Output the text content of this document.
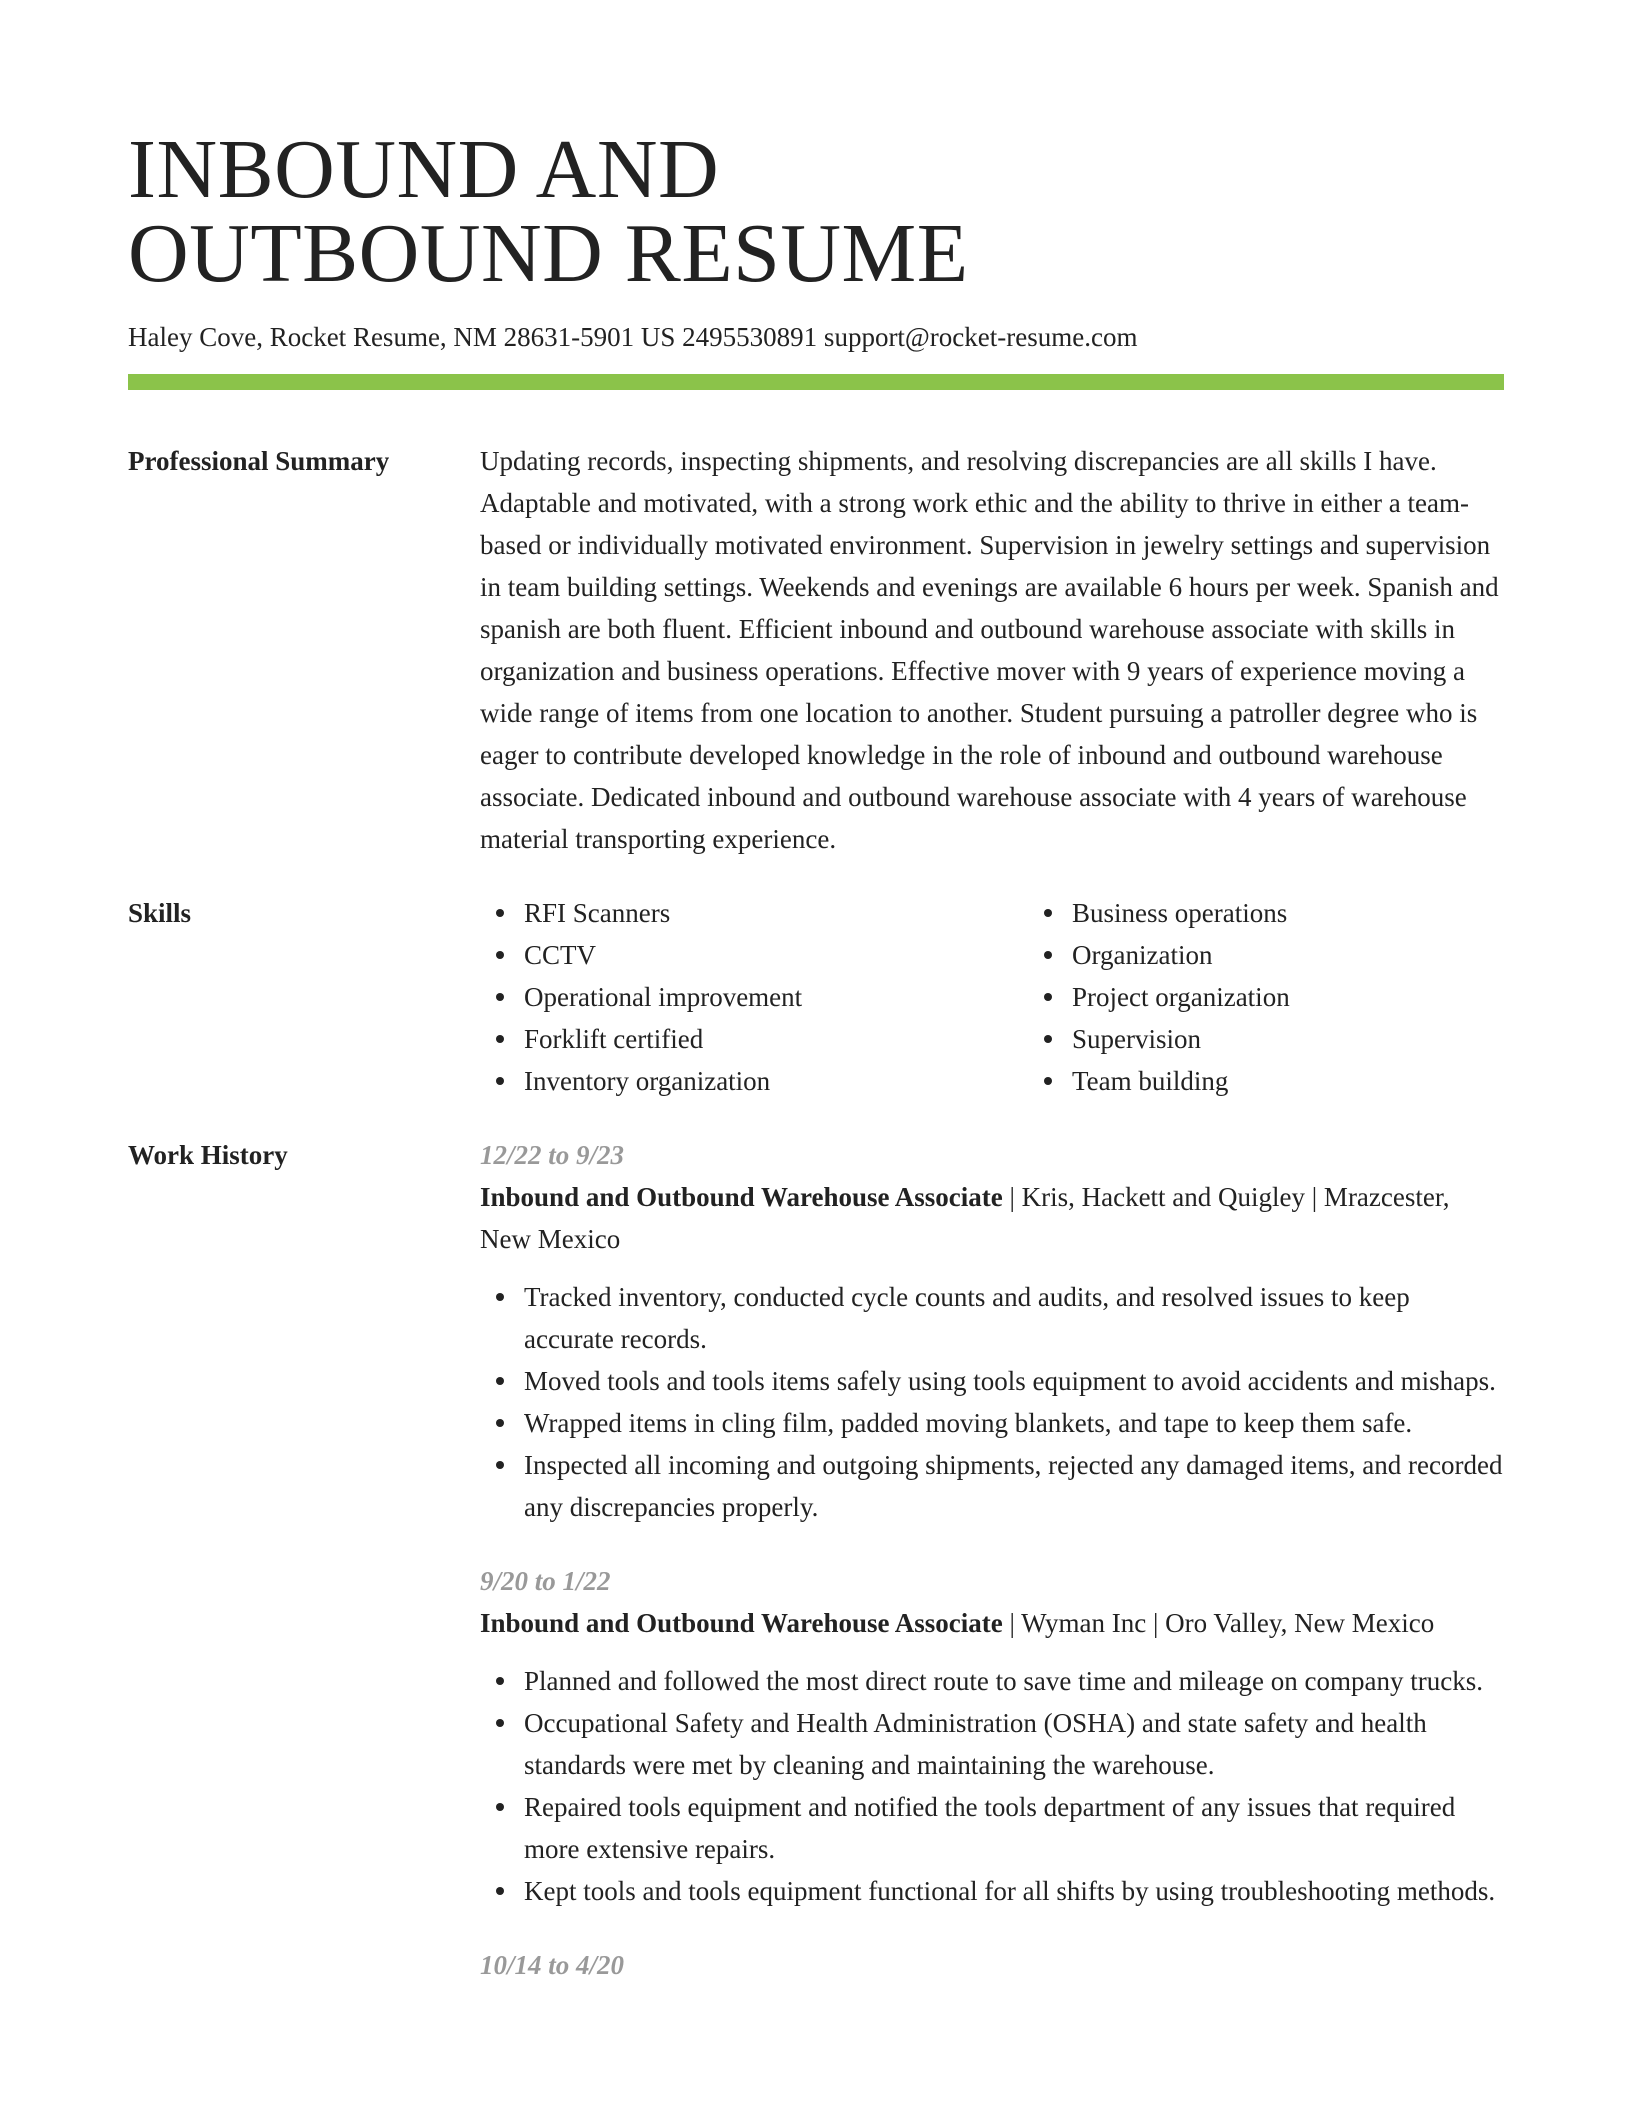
INBOUND AND
OUTBOUND RESUME
Haley Cove, Rocket Resume, NM 28631-5901 US 2495530891 support@rocket-resume.com
Professional Summary	Updating records, inspecting shipments, and resolving discrepancies are all skills I have. Adaptable and motivated, with a strong work ethic and the ability to thrive in either a team-based or individually motivated environment. Supervision in jewelry settings and supervision in team building settings. Weekends and evenings are available 6 hours per week. Spanish and spanish are both fluent. Efficient inbound and outbound warehouse associate with skills in organization and business operations. Effective mover with 9 years of experience moving a wide range of items from one location to another. Student pursuing a patroller degree who is eager to contribute developed knowledge in the role of inbound and outbound warehouse associate. Dedicated inbound and outbound warehouse associate with 4 years of warehouse material transporting experience.
Skills	RFI Scanners
CCTV
Operational improvement
Forklift certified
Inventory organization
Business operations
Organization
Project organization
Supervision
Team building
Work History	12/22 to 9/23
Inbound and Outbound Warehouse Associate | Kris, Hackett and Quigley | Mrazcester, New Mexico
Tracked inventory, conducted cycle counts and audits, and resolved issues to keep accurate records.
Moved tools and tools items safely using tools equipment to avoid accidents and mishaps.
Wrapped items in cling film, padded moving blankets, and tape to keep them safe.
Inspected all incoming and outgoing shipments, rejected any damaged items, and recorded any discrepancies properly.
9/20 to 1/22
Inbound and Outbound Warehouse Associate | Wyman Inc | Oro Valley, New Mexico
Planned and followed the most direct route to save time and mileage on company trucks.
Occupational Safety and Health Administration (OSHA) and state safety and health standards were met by cleaning and maintaining the warehouse.
Repaired tools equipment and notified the tools department of any issues that required more extensive repairs.
Kept tools and tools equipment functional for all shifts by using troubleshooting methods.
10/14 to 4/20
